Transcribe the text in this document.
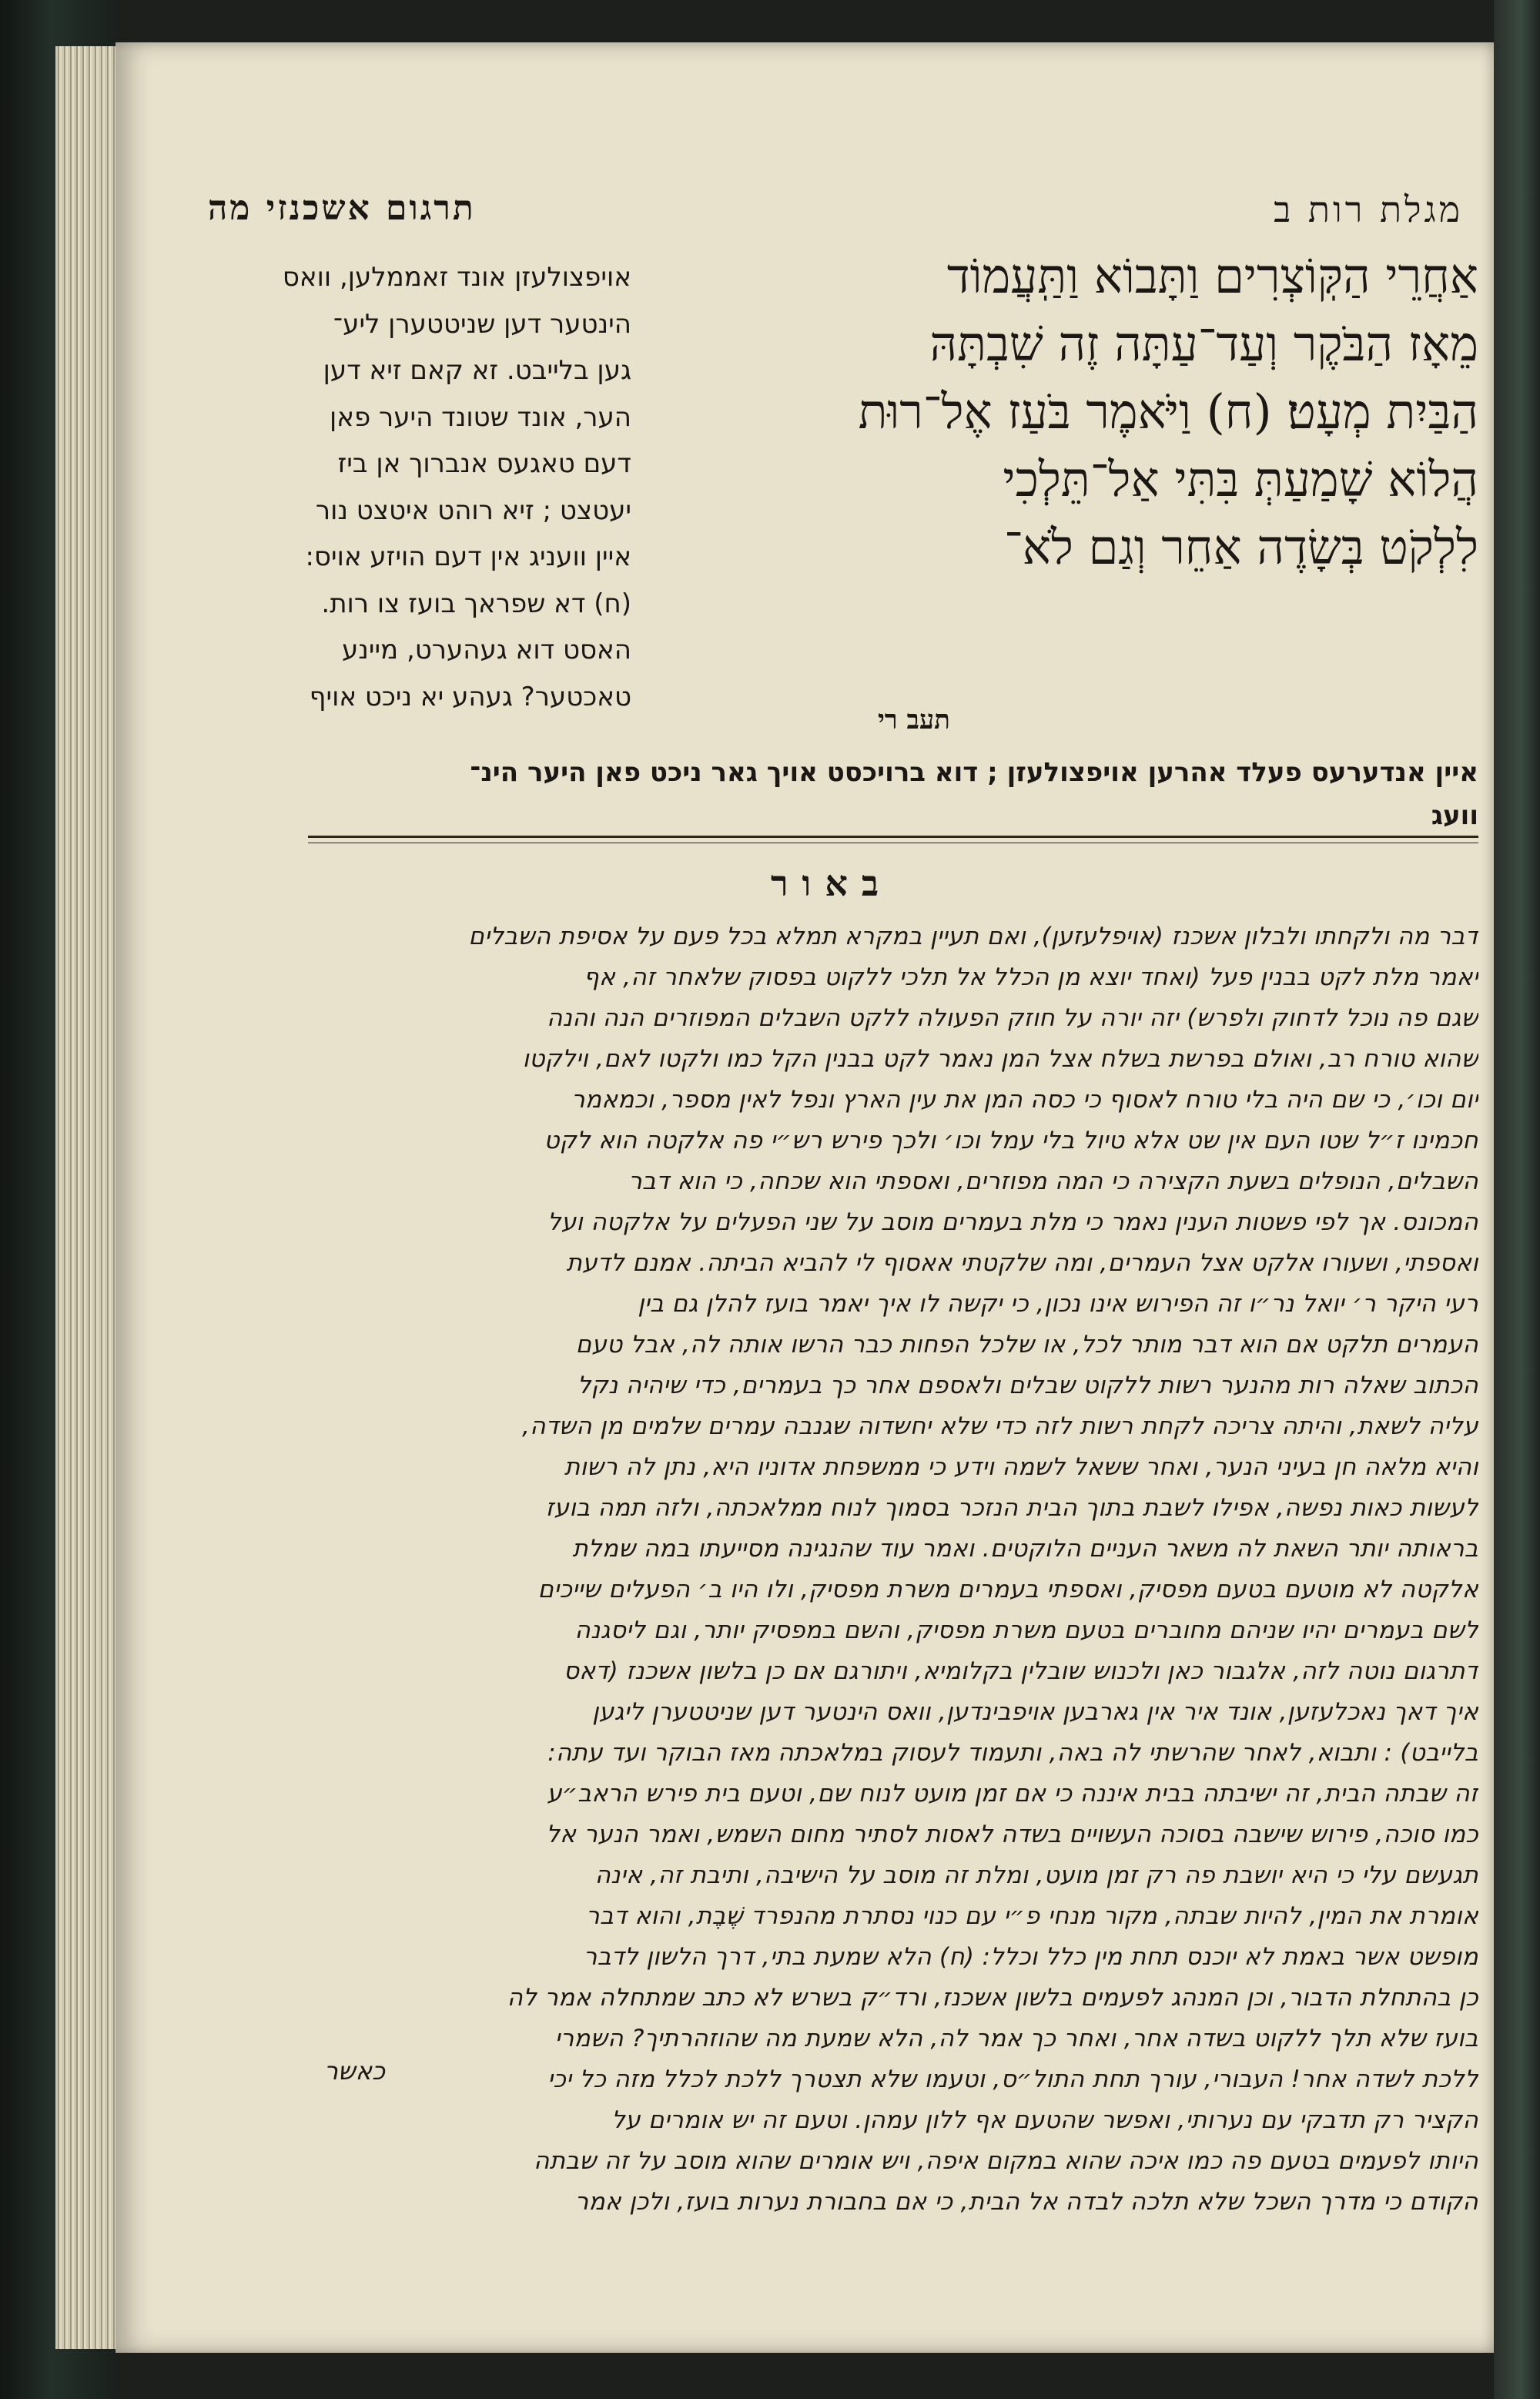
מגלת רות ב
תרגום אשכנזי מה
אַחֲרֵי הַקּֽוֹצְרִים וַתָּבוֹא וַתַּֽעֲמוֹד
מֵאָז הַבֹּקֶר וְעַד־עַתָּה זֶה שִׁבְתָּהּ
הַבַּיִת מְעָט׃ (ח) וַיֹּאמֶר בֹּעַז אֶל־רוּת
הֲלוֹא שָׁמַעַתְּ בִּתִּי אַל־תֵּלְכִי
לִלְקֹט בְּשָׂדֶה אַחֵר וְגַם לֹא־
אויפצולעזן אונד זאממלען, וואס
הינטער דען שניטטערן ליע־
גען בלייבט. זא קאם זיא דען
הער, אונד שטונד היער פאן
דעם טאגעס אנברוך אן ביז
יעטצט ; זיא רוהט איטצט נור
איין וועניג אין דעם הויזע אויס:
(ח) דא שפראך בועז צו רות.
האסט דוא געהערט, מיינע
טאכטער? געהע יא ניכט אויף
תעב רי
איין אנדערעס פעלד אהרען אויפצולעזן ; דוא ברויכסט אויך גאר ניכט פאן היער הינ־
וועג
באור
דבר מה ולקחתו ולבלון אשכנז (אויפלעזען), ואם תעיין במקרא תמלא בכל פעם על אסיפת השבלים
יאמר מלת לקט בבנין פעל (ואחד יוצא מן הכלל אל תלכי ללקוט בפסוק שלאחר זה, אף
שגם פה נוכל לדחוק ולפרש) יזה יורה על חוזק הפעולה ללקט השבלים המפוזרים הנה והנה
שהוא טורח רב, ואולם בפרשת בשלח אצל המן נאמר לקט בבנין הקל כמו ולקטו לאם, וילקטו
יום וכו׳, כי שם היה בלי טורח לאסוף כי כסה המן את עין הארץ ונפל לאין מספר, וכמאמר
חכמינו ז״ל שטו העם אין שט אלא טיול בלי עמל וכו׳ ולכך פירש רש״י פה אלקטה הוא לקט
השבלים, הנופלים בשעת הקצירה כי המה מפוזרים, ואספתי הוא שכחה, כי הוא דבר
המכונס. אך לפי פשטות הענין נאמר כי מלת בעמרים מוסב על שני הפעלים על אלקטה ועל
ואספתי, ושעורו אלקט אצל העמרים, ומה שלקטתי אאסוף לי להביא הביתה. אמנם לדעת
רעי היקר ר׳ יואל נר״ו זה הפירוש אינו נכון, כי יקשה לו איך יאמר בועז להלן גם בין
העמרים תלקט אם הוא דבר מותר לכל, או שלכל הפחות כבר הרשו אותה לה, אבל טעם
הכתוב שאלה רות מהנער רשות ללקוט שבלים ולאספם אחר כך בעמרים, כדי שיהיה נקל
עליה לשאת, והיתה צריכה לקחת רשות לזה כדי שלא יחשדוה שגנבה עמרים שלמים מן השדה,
והיא מלאה חן בעיני הנער, ואחר ששאל לשמה וידע כי ממשפחת אדוניו היא, נתן לה רשות
לעשות כאות נפשה, אפילו לשבת בתוך הבית הנזכר בסמוך לנוח ממלאכתה, ולזה תמה בועז
בראותה יותר השאת לה משאר העניים הלוקטים. ואמר עוד שהנגינה מסייעתו במה שמלת
אלקטה לא מוטעם בטעם מפסיק, ואספתי בעמרים משרת מפסיק, ולו היו ב׳ הפעלים שייכים
לשם בעמרים יהיו שניהם מחוברים בטעם משרת מפסיק, והשם במפסיק יותר, וגם ליסגנה
דתרגום נוטה לזה, אלגבור כאן ולכנוש שובלין בקלומיא, ויתורגם אם כן בלשון אשכנז (דאס
איך דאך נאכלעזען, אונד איר אין גארבען אויפבינדען, וואס הינטער דען שניטטערן ליגען
בלייבט) : ותבוא, לאחר שהרשתי לה באה, ותעמוד לעסוק במלאכתה מאז הבוקר ועד עתה:
זה שבתה הבית, זה ישיבתה בבית איננה כי אם זמן מועט לנוח שם, וטעם בית פירש הראב״ע
כמו סוכה, פירוש שישבה בסוכה העשויים בשדה לאסות לסתיר מחום השמש, ואמר הנער אל
תגעשם עלי כי היא יושבת פה רק זמן מועט, ומלת זה מוסב על הישיבה, ותיבת זה, אינה
אומרת את המין, להיות שבתה, מקור מנחי פ״י עם כנוי נסתרת מהנפרד שֶׁבֶת, והוא דבר
מופשט אשר באמת לא יוכנס תחת מין כלל וכלל: (ח) הלא שמעת בתי, דרך הלשון לדבר
כן בהתחלת הדבור, וכן המנהג לפעמים בלשון אשכנז, ורד״ק בשרש לא כתב שמתחלה אמר לה
בועז שלא תלך ללקוט בשדה אחר, ואחר כך אמר לה, הלא שמעת מה שהוזהרתיך? השמרי
ללכת לשדה אחר! העבורי, עורך תחת התול״ס, וטעמו שלא תצטרך ללכת לכלל מזה כל יכי
הקציר רק תדבקי עם נערותי, ואפשר שהטעם אף ללון עמהן. וטעם זה יש אומרים על
היותו לפעמים בטעם פה כמו איכה שהוא במקום איפה, ויש אומרים שהוא מוסב על זה שבתה
הקודם כי מדרך השכל שלא תלכה לבדה אל הבית, כי אם בחבורת נערות בועז, ולכן אמר
כאשר
